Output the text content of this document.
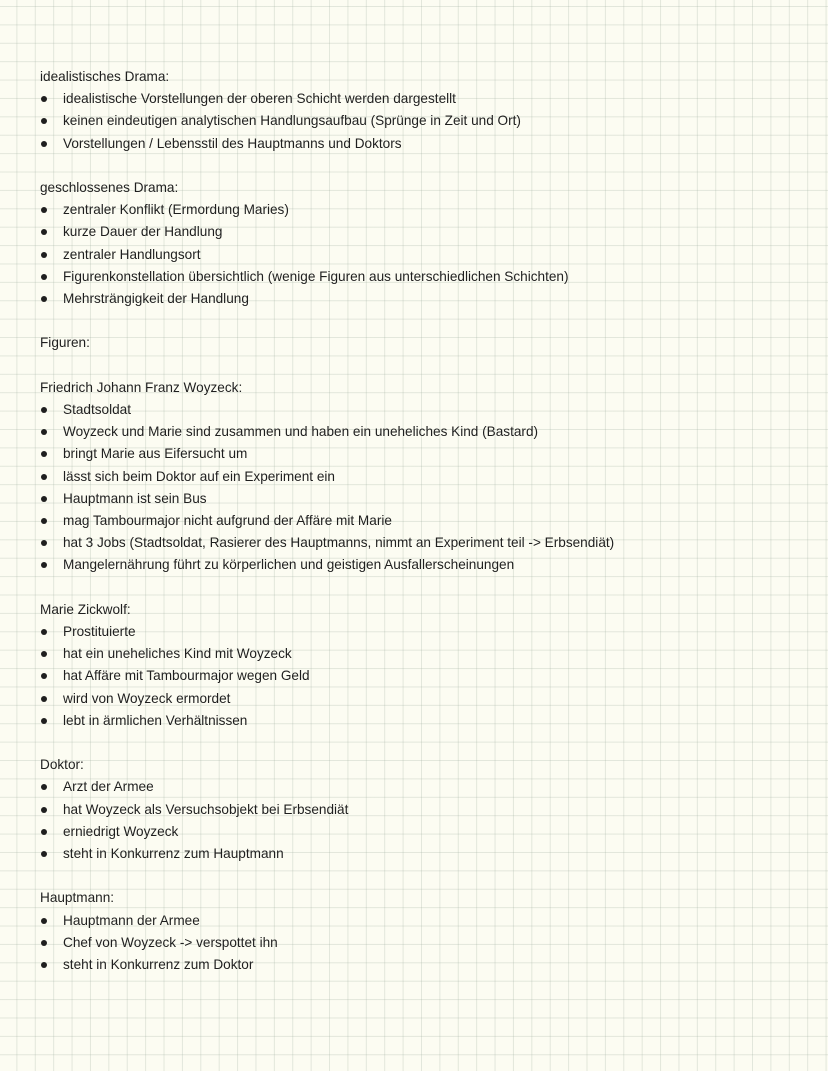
idealistisches Drama:
idealistische Vorstellungen der oberen Schicht werden dargestellt
keinen eindeutigen analytischen Handlungsaufbau (Sprünge in Zeit und Ort)
Vorstellungen / Lebensstil des Hauptmanns und Doktors
geschlossenes Drama:
zentraler Konflikt (Ermordung Maries)
kurze Dauer der Handlung
zentraler Handlungsort
Figurenkonstellation übersichtlich (wenige Figuren aus unterschiedlichen Schichten)
Mehrsträngigkeit der Handlung
Figuren:
Friedrich Johann Franz Woyzeck:
Stadtsoldat
Woyzeck und Marie sind zusammen und haben ein uneheliches Kind (Bastard)
bringt Marie aus Eifersucht um
lässt sich beim Doktor auf ein Experiment ein
Hauptmann ist sein Bus
mag Tambourmajor nicht aufgrund der Affäre mit Marie
hat 3 Jobs (Stadtsoldat, Rasierer des Hauptmanns, nimmt an Experiment teil -> Erbsendiät)
Mangelernährung führt zu körperlichen und geistigen Ausfallerscheinungen
Marie Zickwolf:
Prostituierte
hat ein uneheliches Kind mit Woyzeck
hat Affäre mit Tambourmajor wegen Geld
wird von Woyzeck ermordet
lebt in ärmlichen Verhältnissen
Doktor:
Arzt der Armee
hat Woyzeck als Versuchsobjekt bei Erbsendiät
erniedrigt Woyzeck
steht in Konkurrenz zum Hauptmann
Hauptmann:
Hauptmann der Armee
Chef von Woyzeck -> verspottet ihn
steht in Konkurrenz zum Doktor
